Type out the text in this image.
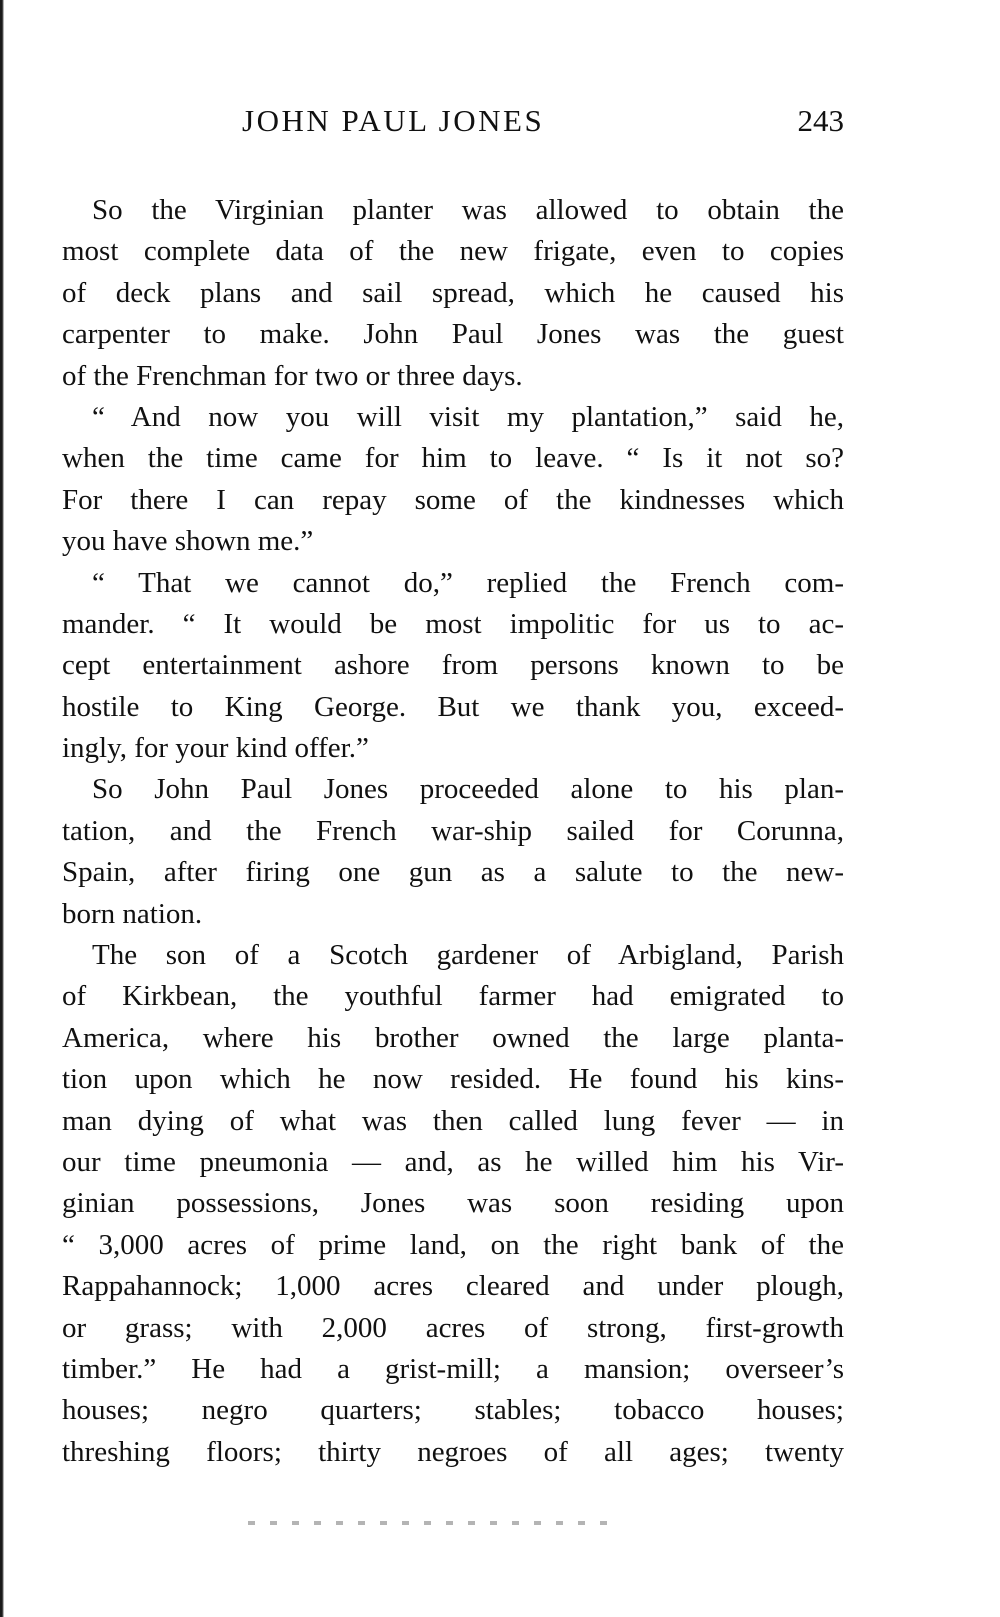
JOHN PAUL JONES	243
So the Virginian planter was allowed to obtain the
most complete data of the new frigate, even to copies
of deck plans and sail spread, which he caused his
carpenter to make. John Paul Jones was the guest
of the Frenchman for two or three days.
“ And now you will visit my plantation,” said he,
when the time came for him to leave. “ Is it not so?
For there I can repay some of the kindnesses which
you have shown me.”
“ That we cannot do,” replied the French com-
mander. “ It would be most impolitic for us to ac-
cept entertainment ashore from persons known to be
hostile to King George. But we thank you, exceed-
ingly, for your kind offer.”
So John Paul Jones proceeded alone to his plan-
tation, and the French war-ship sailed for Corunna,
Spain, after firing one gun as a salute to the new-
born nation.
The son of a Scotch gardener of Arbigland, Parish
of Kirkbean, the youthful farmer had emigrated to
America, where his brother owned the large planta-
tion upon which he now resided. He found his kins-
man dying of what was then called lung fever — in
our time pneumonia — and, as he willed him his Vir-
ginian possessions, Jones was soon residing upon
“ 3,000 acres of prime land, on the right bank of the
Rappahannock; 1,000 acres cleared and under plough,
or grass; with 2,000 acres of strong, first-growth
timber.” He had a grist-mill; a mansion; overseer’s
houses; negro quarters; stables; tobacco houses;
threshing floors; thirty negroes of all ages; twenty
